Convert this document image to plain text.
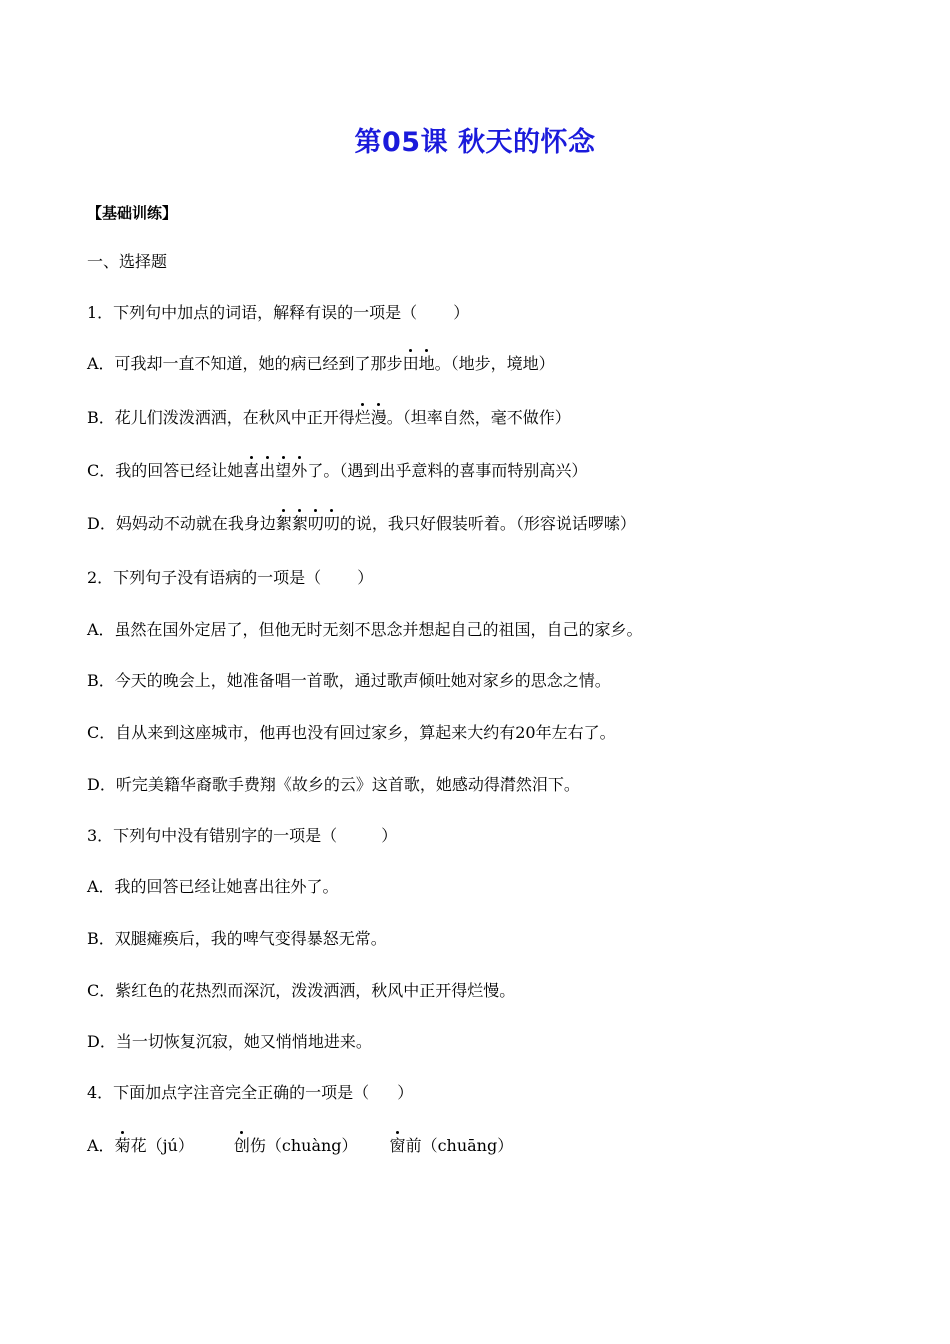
第05课 秋天的怀念
【基础训练】
一、选择题
1．下列句中加点的词语，解释有误的一项是（ ）
A．可我却一直不知道，她的病已经到了那步田地。（地步，境地）
B．花儿们泼泼洒洒，在秋风中正开得烂漫。（坦率自然，毫不做作）
C．我的回答已经让她喜出望外了。（遇到出乎意料的喜事而特别高兴）
D．妈妈动不动就在我身边絮絮叨叨的说，我只好假装听着。（形容说话啰嗦）
2．下列句子没有语病的一项是（ ）
A．虽然在国外定居了，但他无时无刻不思念并想起自己的祖国，自己的家乡。
B．今天的晚会上，她准备唱一首歌，通过歌声倾吐她对家乡的思念之情。
C．自从来到这座城市，他再也没有回过家乡，算起来大约有20年左右了。
D．听完美籍华裔歌手费翔《故乡的云》这首歌，她感动得潸然泪下。
3．下列句中没有错别字的一项是（	）
A．我的回答已经让她喜出往外了。
B．双腿瘫痪后，我的啤气变得暴怒无常。
C．紫红色的花热烈而深沉，泼泼洒洒，秋风中正开得烂慢。
D．当一切恢复沉寂，她又悄悄地进来。
4．下面加点字注音完全正确的一项是（ ）
A．菊花（jú）	创伤（chuàng） 窗前（chuāng）
